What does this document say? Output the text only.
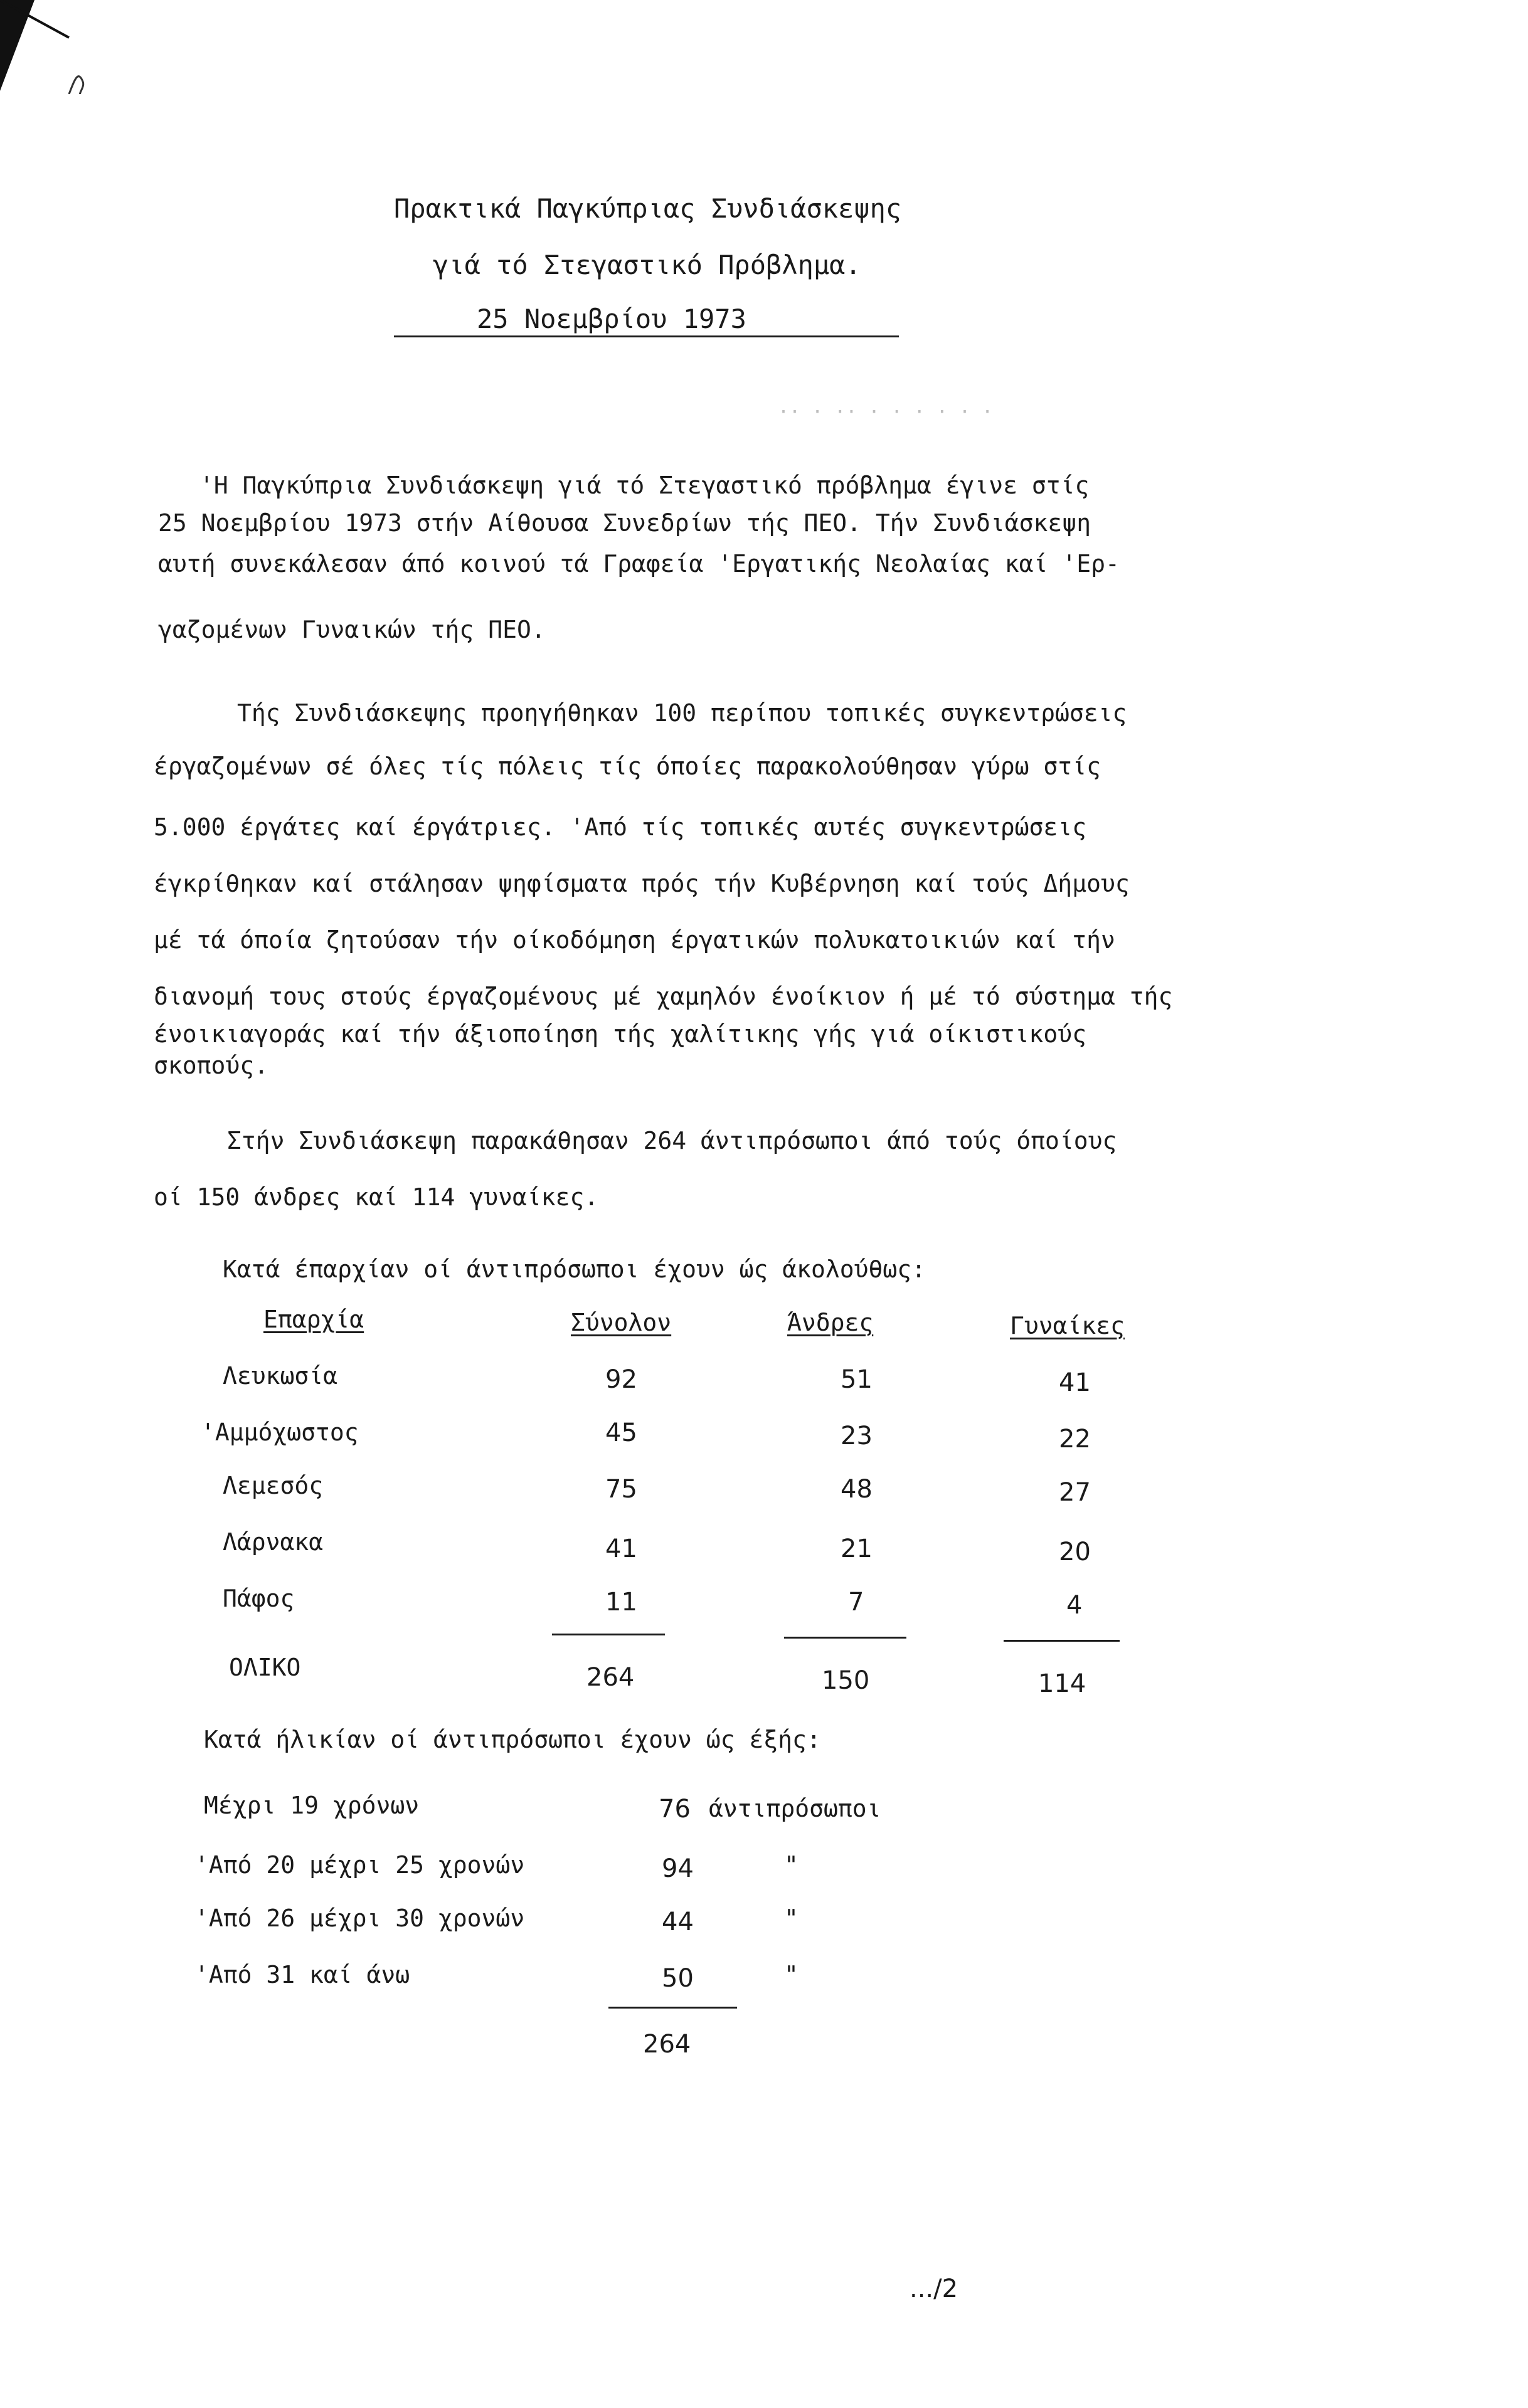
Πρακτικά Παγκύπριας Συνδιάσκεψης
γιά τό Στεγαστικό Πρόβλημα.
25 Νοεμβρίου 1973
·· · ·· · · · · · ·
'Η Παγκύπρια Συνδιάσκεψη γιά τό Στεγαστικό πρόβλημα έγινε στίς
25 Νοεμβρίου 1973 στήν Αίθουσα Συνεδρίων τής ΠΕΟ. Τήν Συνδιάσκεψη
αυτή συνεκάλεσαν άπό κοινού τά Γραφεία 'Εργατικής Νεολαίας καί 'Ερ-
γαζομένων Γυναικών τής ΠΕΟ.
Τής Συνδιάσκεψης προηγήθηκαν 100 περίπου τοπικές συγκεντρώσεις
έργαζομένων σέ όλες τίς πόλεις τίς όποίες παρακολούθησαν γύρω στίς
5.000 έργάτες καί έργάτριες. 'Από τίς τοπικές αυτές συγκεντρώσεις
έγκρίθηκαν καί στάλησαν ψηφίσματα πρός τήν Κυβέρνηση καί τούς Δήμους
μέ τά όποία ζητούσαν τήν οίκοδόμηση έργατικών πολυκατοικιών καί τήν
διανομή τους στούς έργαζομένους μέ χαμηλόν ένοίκιον ή μέ τό σύστημα τής
ένοικιαγοράς καί τήν άξιοποίηση τής χαλίτικης γής γιά οίκιστικούς
σκοπούς.
Στήν Συνδιάσκεψη παρακάθησαν 264 άντιπρόσωποι άπό τούς όποίους
οί 150 άνδρες καί 114 γυναίκες.
Κατά έπαρχίαν οί άντιπρόσωποι έχουν ώς άκολούθως:
Επαρχία	Σύνολον	Άνδρες	Γυναίκες
Λευκωσία	92	51	41
'Αμμόχωστος	45	23	22
Λεμεσός	75	48	27
Λάρνακα	41	21	20
Πάφος	11	7	4
ΟΛΙΚΟ	264	150	114
Κατά ήλικίαν οί άντιπρόσωποι έχουν ώς έξής:
Μέχρι 19 χρόνων	76 άντιπρόσωποι
'Από 20 μέχρι 25 χρονών	94	"
'Από 26 μέχρι 30 χρονών	44	"
'Από 31 καί άνω	50	"
264
.../2
